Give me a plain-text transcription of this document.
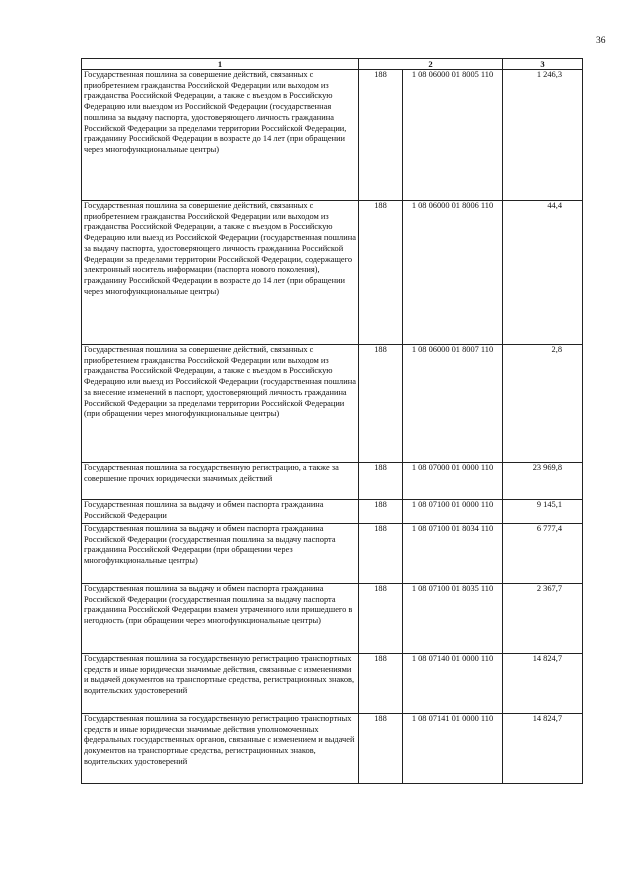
36
1	2		3
Государственная пошлина за совершение действий, связанных с приобретением гражданства Российской Федерации или выходом из гражданства Российской Федерации, а также с въездом в Российскую Федерацию или выездом из Российской Федерации (государственная пошлина за выдачу паспорта, удостоверяющего личность гражданина Российской Федерации за пределами территории Российской Федерации, гражданину Российской Федерации в возрасте до 14 лет (при обращении через многофункциональные центры)	188	1 08 06000 01 8005 110	1 246,3
Государственная пошлина за совершение действий, связанных с приобретением гражданства Российской Федерации или выходом из гражданства Российской Федерации, а также с въездом в Российскую Федерацию или выезд из Российской Федерации (государственная пошлина за выдачу паспорта, удостоверяющего личность гражданина Российской Федерации за пределами территории Российской Федерации, содержащего электронный носитель информации (паспорта нового поколения), гражданину Российской Федерации в возрасте до 14 лет (при обращении через многофункциональные центры)	188	1 08 06000 01 8006 110	44,4
Государственная пошлина за совершение действий, связанных с приобретением гражданства Российской Федерации или выходом из гражданства Российской Федерации, а также с въездом в Российскую Федерацию или выезд из Российской Федерации (государственная пошлина за внесение изменений в паспорт, удостоверяющий личность гражданина Российской Федерации за пределами территории Российской Федерации (при обращении через многофункциональные центры)	188	1 08 06000 01 8007 110	2,8
Государственная пошлина за государственную регистрацию, а также за совершение прочих юридически значимых действий	188	1 08 07000 01 0000 110	23 969,8
Государственная пошлина за выдачу и обмен паспорта гражданина Российской Федерации	188	1 08 07100 01 0000 110	9 145,1
Государственная пошлина за выдачу и обмен паспорта гражданина Российской Федерации (государственная пошлина за выдачу паспорта гражданина Российской Федерации (при обращении через многофункциональные центры)	188	1 08 07100 01 8034 110	6 777,4
Государственная пошлина за выдачу и обмен паспорта гражданина Российской Федерации (государственная пошлина за выдачу паспорта гражданина Российской Федерации взамен утраченного или пришедшего в негодность (при обращении через многофункциональные центры)	188	1 08 07100 01 8035 110	2 367,7
Государственная пошлина за государственную регистрацию транспортных средств и иные юридически значимые действия, связанные с изменениями и выдачей документов на транспортные средства, регистрационных знаков, водительских удостоверений	188	1 08 07140 01 0000 110	14 824,7
Государственная пошлина за государственную регистрацию транспортных средств и иные юридически значимые действия уполномоченных федеральных государственных органов, связанные с изменением и выдачей документов на транспортные средства, регистрационных знаков, водительских удостоверений	188	1 08 07141 01 0000 110	14 824,7
